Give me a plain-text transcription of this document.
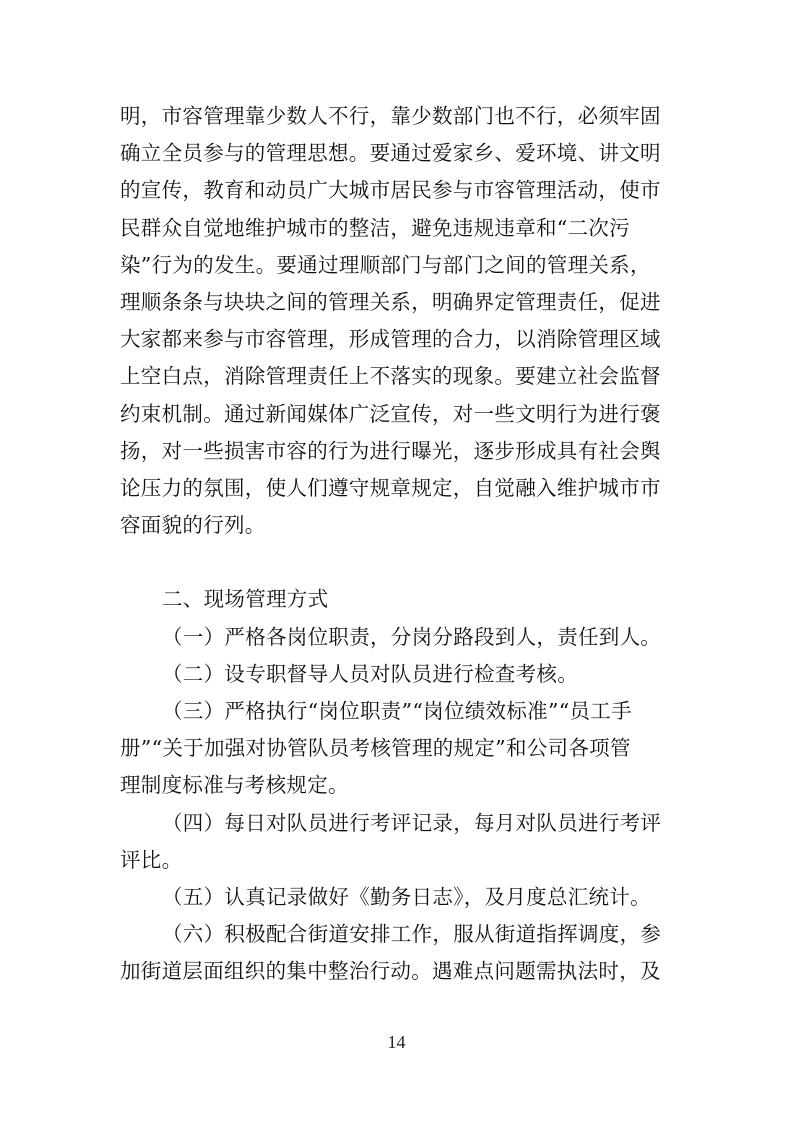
明，市容管理靠少数人不行，靠少数部门也不行，必须牢固
确立全员参与的管理思想。要通过爱家乡、爱环境、讲文明
的宣传，教育和动员广大城市居民参与市容管理活动，使市
民群众自觉地维护城市的整洁，避免违规违章和“二次污
染”行为的发生。要通过理顺部门与部门之间的管理关系，
理顺条条与块块之间的管理关系，明确界定管理责任，促进
大家都来参与市容管理，形成管理的合力，以消除管理区域
上空白点，消除管理责任上不落实的现象。要建立社会监督
约束机制。通过新闻媒体广泛宣传，对一些文明行为进行褒
扬，对一些损害市容的行为进行曝光，逐步形成具有社会舆
论压力的氛围，使人们遵守规章规定，自觉融入维护城市市
容面貌的行列。
二、现场管理方式
（一）严格各岗位职责，分岗分路段到人，责任到人。
（二）设专职督导人员对队员进行检查考核。
（三）严格执行“岗位职责”“岗位绩效标准”“员工手
册”“关于加强对协管队员考核管理的规定”和公司各项管
理制度标准与考核规定。
（四）每日对队员进行考评记录，每月对队员进行考评
评比。
（五）认真记录做好《勤务日志》，及月度总汇统计。
（六）积极配合街道安排工作，服从街道指挥调度，参
加街道层面组织的集中整治行动。遇难点问题需执法时，及
14
